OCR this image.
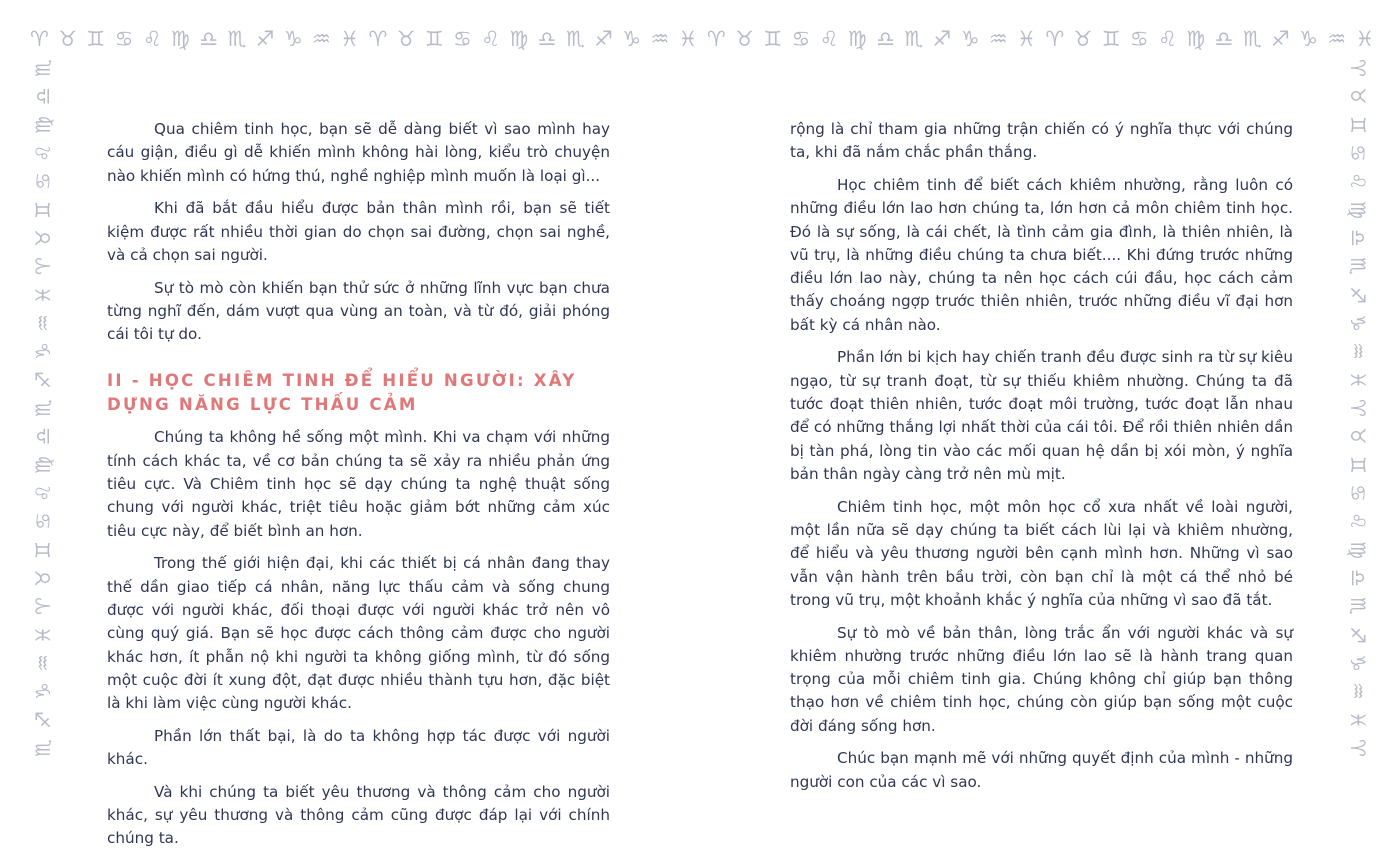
♈ ♉ ♊ ♋ ♌ ♍ ♎ ♏ ♐ ♑ ♒ ♓ ♈ ♉ ♊ ♋ ♌ ♍ ♎ ♏ ♐ ♑ ♒ ♓ ♈ ♉ ♊ ♋ ♌ ♍ ♎ ♏ ♐ ♑ ♒ ♓ ♈ ♉ ♊ ♋ ♌ ♍ ♎ ♏ ♐ ♑ ♒ ♓
♏
♎
♍
♌
♋
♊
♉
♈
♓
♒
♑
♐
♏
♎
♍
♌
♋
♊
♉
♈
♓
♒
♑
♐
♏
♈
♉
♊
♋
♌
♍
♎
♏
♐
♑
♒
♓
♈
♉
♊
♋
♌
♍
♎
♏
♐
♑
♒
♓
♈

Qua chiêm tinh học, bạn sẽ dễ dàng biết vì sao mình hay cáu giận, điều gì dễ khiến mình không hài lòng, kiểu trò chuyện nào khiến mình có hứng thú, nghề nghiệp mình muốn là loại gì...

Khi đã bắt đầu hiểu được bản thân mình rồi, bạn sẽ tiết kiệm được rất nhiều thời gian do chọn sai đường, chọn sai nghề, và cả chọn sai người.

Sự tò mò còn khiến bạn thử sức ở những lĩnh vực bạn chưa từng nghĩ đến, dám vượt qua vùng an toàn, và từ đó, giải phóng cái tôi tự do.

II - HỌC CHIÊM TINH ĐỂ HIỂU NGƯỜI: XÂY DỰNG NĂNG LỰC THẤU CẢM

Chúng ta không hề sống một mình. Khi va chạm với những tính cách khác ta, về cơ bản chúng ta sẽ xảy ra nhiều phản ứng tiêu cực. Và Chiêm tinh học sẽ dạy chúng ta nghệ thuật sống chung với người khác, triệt tiêu hoặc giảm bớt những cảm xúc tiêu cực này, để biết bình an hơn.

Trong thế giới hiện đại, khi các thiết bị cá nhân đang thay thế dần giao tiếp cá nhân, năng lực thấu cảm và sống chung được với người khác, đối thoại được với người khác trở nên vô cùng quý giá. Bạn sẽ học được cách thông cảm được cho người khác hơn, ít phẫn nộ khi người ta không giống mình, từ đó sống một cuộc đời ít xung đột, đạt được nhiều thành tựu hơn, đặc biệt là khi làm việc cùng người khác.

Phần lớn thất bại, là do ta không hợp tác được với người khác.

Và khi chúng ta biết yêu thương và thông cảm cho người khác, sự yêu thương và thông cảm cũng được đáp lại với chính chúng ta.

rộng là chỉ tham gia những trận chiến có ý nghĩa thực với chúng ta, khi đã nắm chắc phần thắng.

Học chiêm tinh để biết cách khiêm nhường, rằng luôn có những điều lớn lao hơn chúng ta, lớn hơn cả môn chiêm tinh học. Đó là sự sống, là cái chết, là tình cảm gia đình, là thiên nhiên, là vũ trụ, là những điều chúng ta chưa biết.... Khi đứng trước những điều lớn lao này, chúng ta nên học cách cúi đầu, học cách cảm thấy choáng ngợp trước thiên nhiên, trước những điều vĩ đại hơn bất kỳ cá nhân nào.

Phần lớn bi kịch hay chiến tranh đều được sinh ra từ sự kiêu ngạo, từ sự tranh đoạt, từ sự thiếu khiêm nhường. Chúng ta đã tước đoạt thiên nhiên, tước đoạt môi trường, tước đoạt lẫn nhau để có những thắng lợi nhất thời của cái tôi. Để rồi thiên nhiên dần bị tàn phá, lòng tin vào các mối quan hệ dần bị xói mòn, ý nghĩa bản thân ngày càng trở nên mù mịt.

Chiêm tinh học, một môn học cổ xưa nhất về loài người, một lần nữa sẽ dạy chúng ta biết cách lùi lại và khiêm nhường, để hiểu và yêu thương người bên cạnh mình hơn. Những vì sao vẫn vận hành trên bầu trời, còn bạn chỉ là một cá thể nhỏ bé trong vũ trụ, một khoảnh khắc ý nghĩa của những vì sao đã tắt.

Sự tò mò về bản thân, lòng trắc ẩn với người khác và sự khiêm nhường trước những điều lớn lao sẽ là hành trang quan trọng của mỗi chiêm tinh gia. Chúng không chỉ giúp bạn thông thạo hơn về chiêm tinh học, chúng còn giúp bạn sống một cuộc đời đáng sống hơn.

Chúc bạn mạnh mẽ với những quyết định của mình - những người con của các vì sao.
